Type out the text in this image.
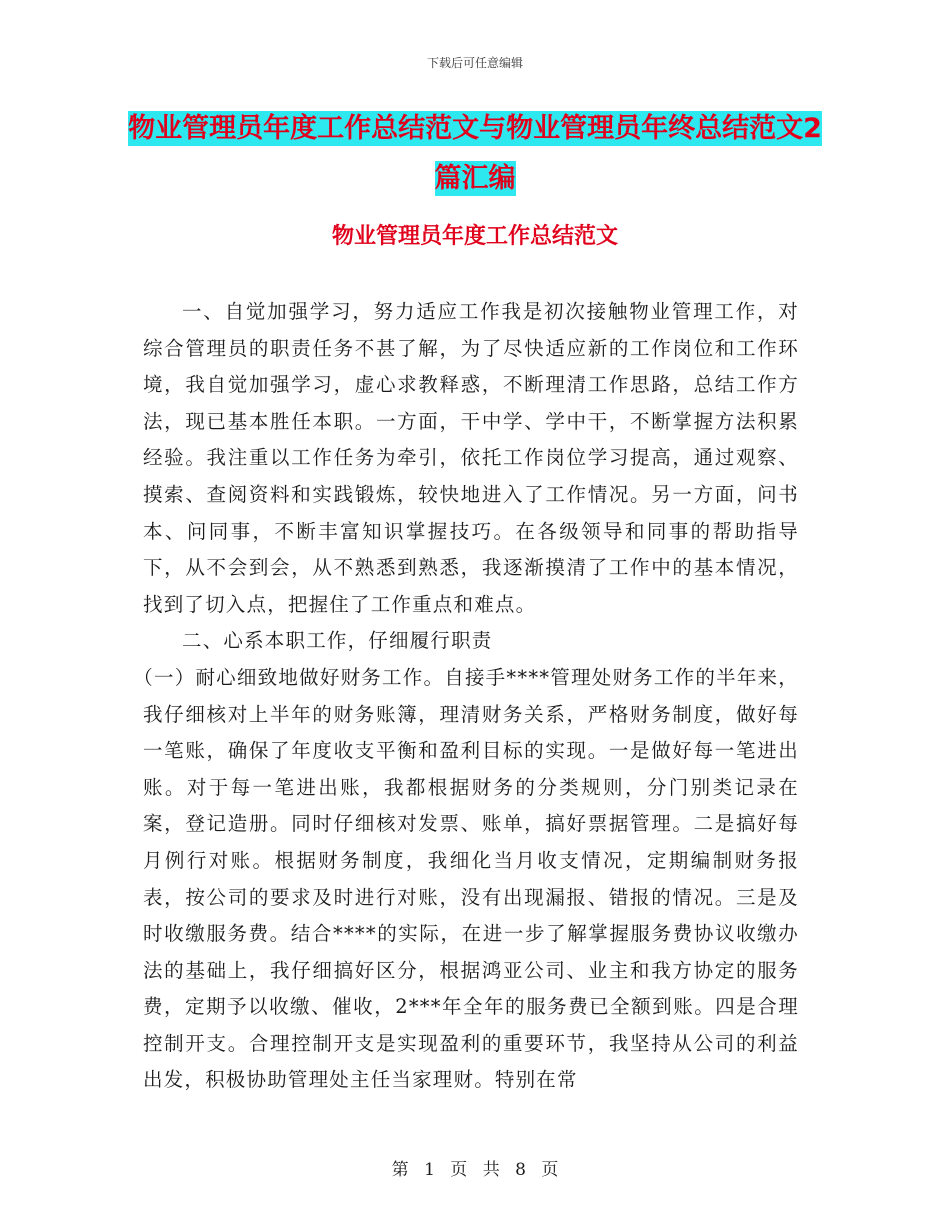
下载后可任意编辑
物业管理员年度工作总结范文与物业管理员年终总结范文2篇汇编
物业管理员年度工作总结范文

一、自觉加强学习，努力适应工作我是初次接触物业管理工作，对综合管理员的职责任务不甚了解，为了尽快适应新的工作岗位和工作环境，我自觉加强学习，虚心求教释惑，不断理清工作思路，总结工作方法，现已基本胜任本职。一方面，干中学、学中干，不断掌握方法积累经验。我注重以工作任务为牵引，依托工作岗位学习提高，通过观察、摸索、查阅资料和实践锻炼，较快地进入了工作情况。另一方面，问书本、问同事，不断丰富知识掌握技巧。在各级领导和同事的帮助指导下，从不会到会，从不熟悉到熟悉，我逐渐摸清了工作中的基本情况，找到了切入点，把握住了工作重点和难点。

二、心系本职工作，仔细履行职责

（一）耐心细致地做好财务工作。自接手****管理处财务工作的半年来，我仔细核对上半年的财务账簿，理清财务关系，严格财务制度，做好每一笔账，确保了年度收支平衡和盈利目标的实现。一是做好每一笔进出账。对于每一笔进出账，我都根据财务的分类规则，分门别类记录在案，登记造册。同时仔细核对发票、账单，搞好票据管理。二是搞好每月例行对账。根据财务制度，我细化当月收支情况，定期编制财务报表，按公司的要求及时进行对账，没有出现漏报、错报的情况。三是及时收缴服务费。结合****的实际，在进一步了解掌握服务费协议收缴办法的基础上，我仔细搞好区分，根据鸿亚公司、业主和我方协定的服务费，定期予以收缴、催收，2***年全年的服务费已全额到账。四是合理控制开支。合理控制开支是实现盈利的重要环节，我坚持从公司的利益出发，积极协助管理处主任当家理财。特别在常

第 1 页 共 8 页
